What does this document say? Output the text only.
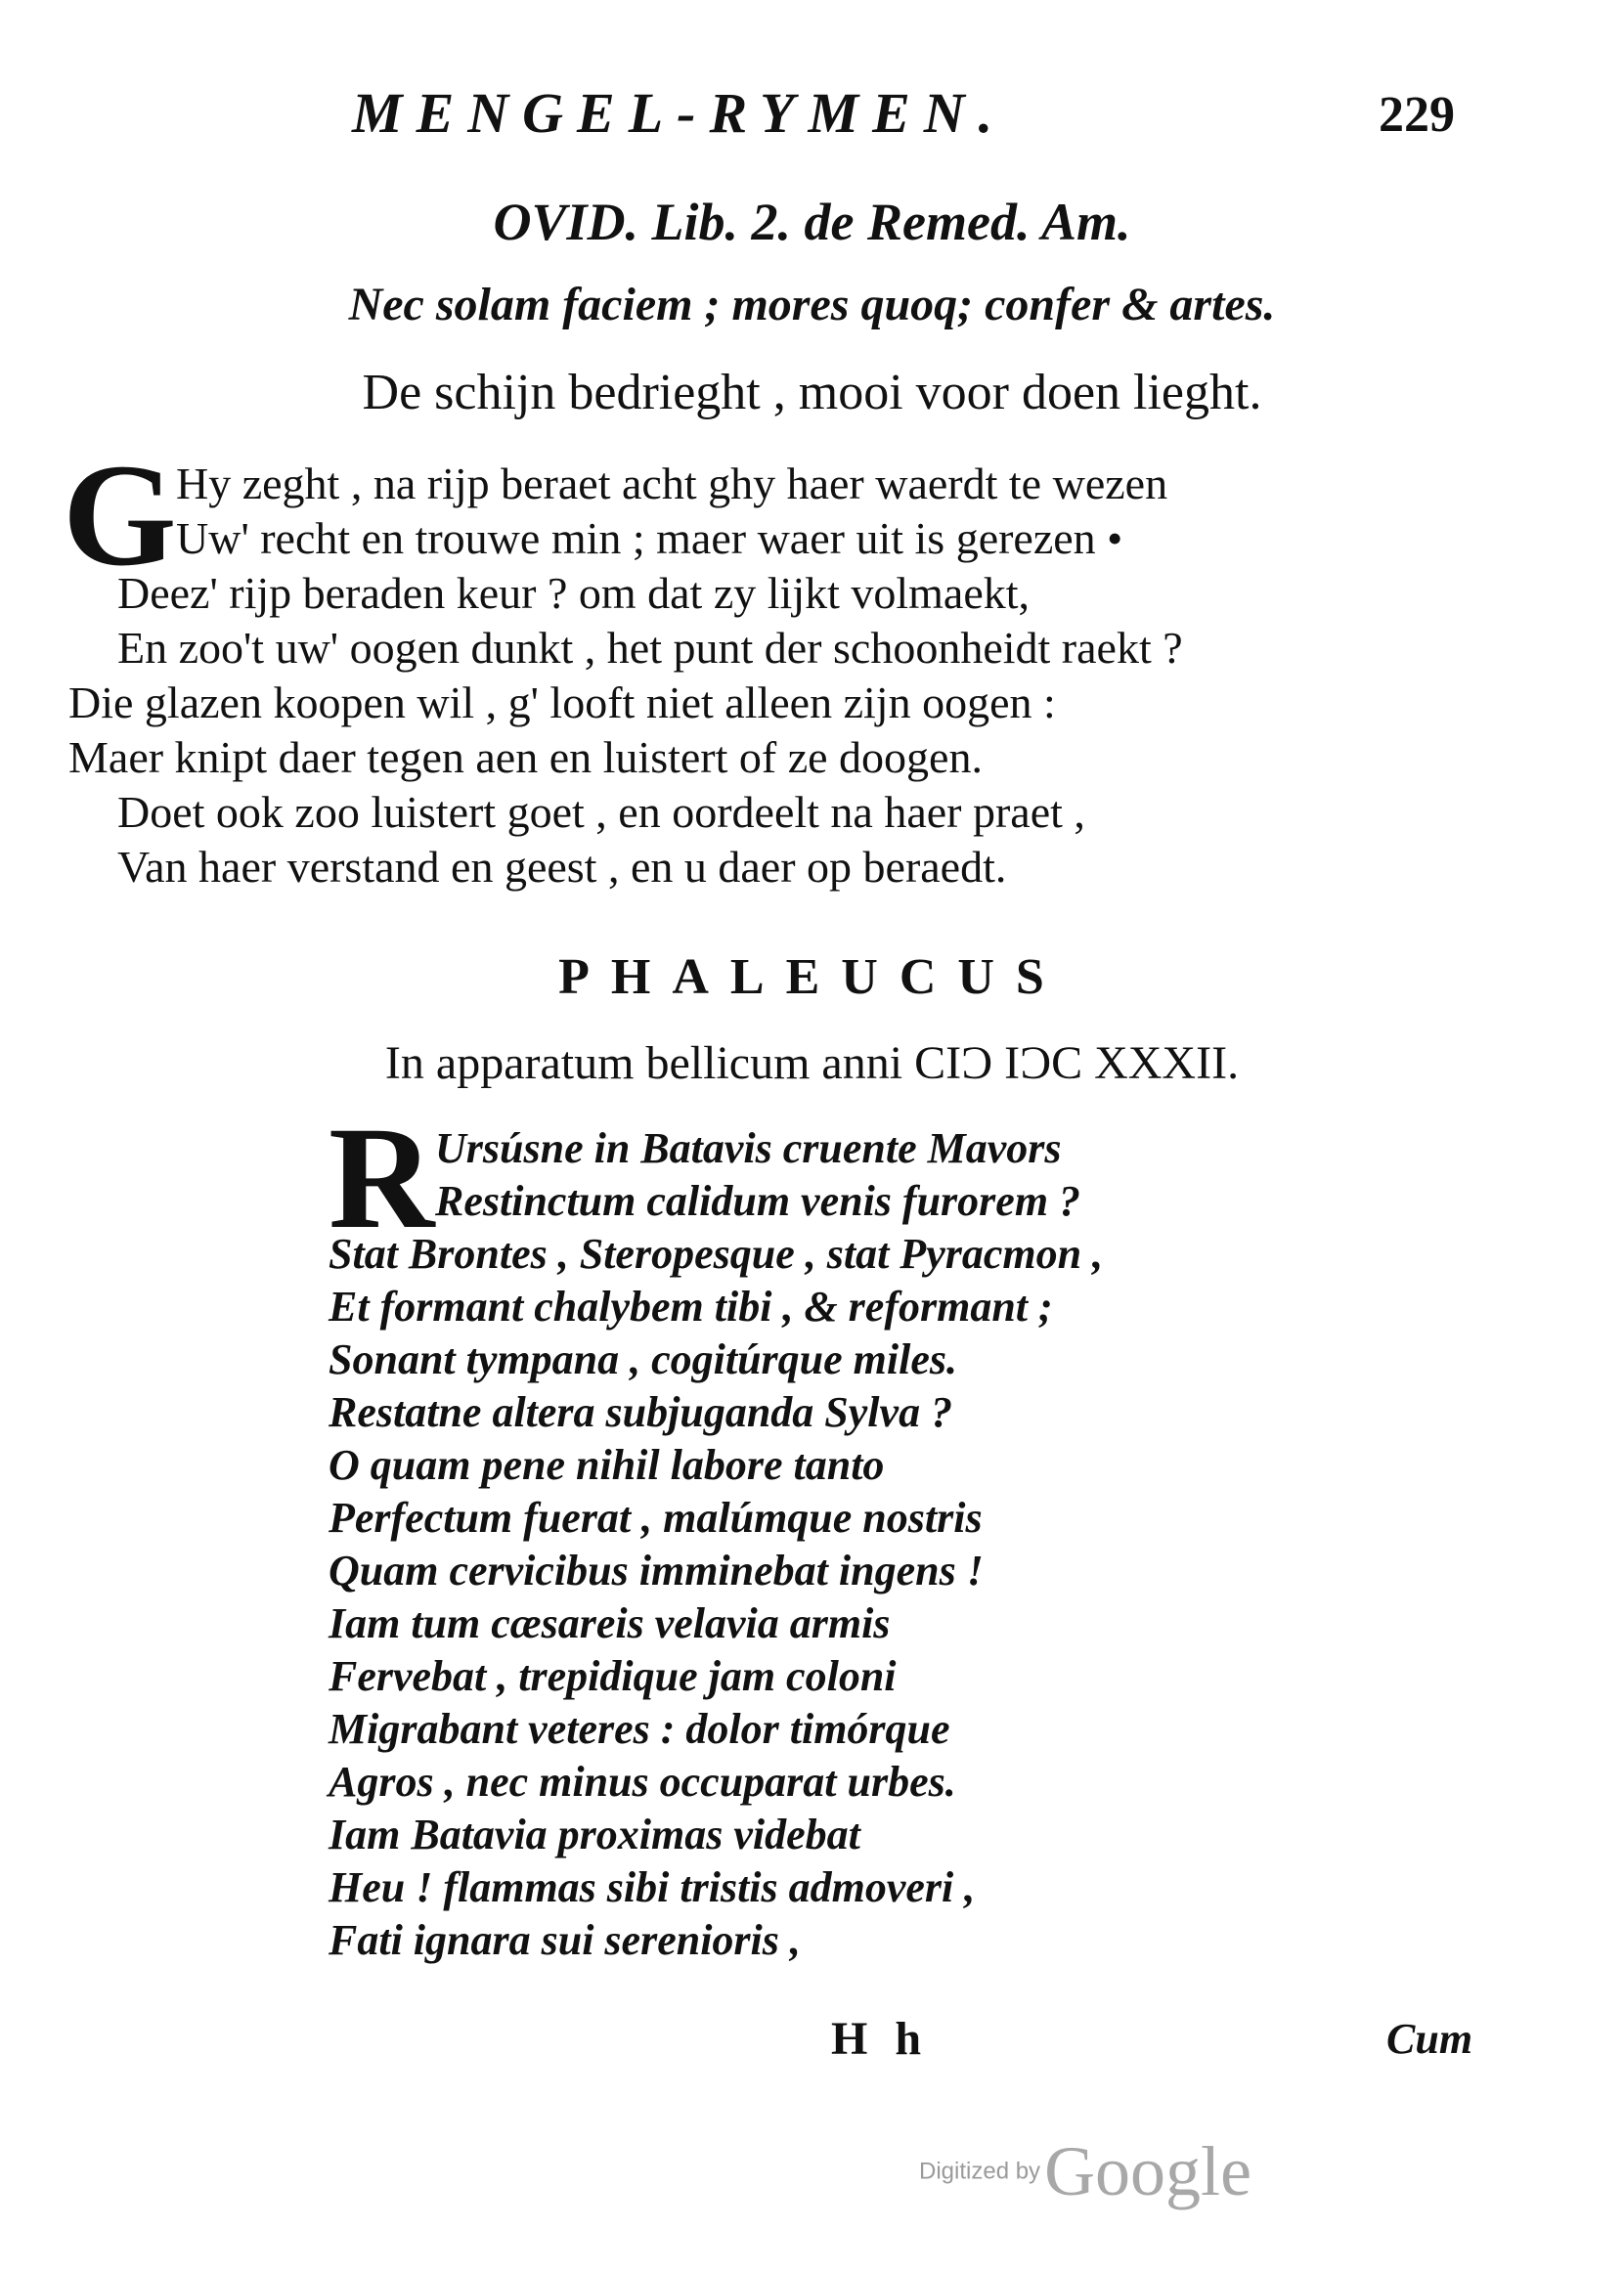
MENGEL-RYMEN.	229
OVID. Lib. 2. de Remed. Am.
Nec solam faciem ; mores quoq; confer & artes.
De schijn bedrieght , mooi voor doen lieght.
G Hy zeght , na rijp beraet acht ghy haer waerdt te wezen
Uw' recht en trouwe min ; maer waer uit is gerezen •
Deez' rijp beraden keur ? om dat zy lijkt volmaekt,
En zoo't uw' oogen dunkt , het punt der schoonheidt raekt ?
Die glazen koopen wil , g' looft niet alleen zijn oogen :
Maer knipt daer tegen aen en luistert of ze doogen.
Doet ook zoo luistert goet , en oordeelt na haer praet ,
Van haer verstand en geest , en u daer op beraedt.
PHALEUCUS
In apparatum bellicum anni CIƆ IƆC XXXII.
R Ursúsne in Batavis cruente Mavors
Restinctum calidum venis furorem ?
Stat Brontes , Steropesque , stat Pyracmon ,
Et formant chalybem tibi , & reformant ;
Sonant tympana , cogitúrque miles.
Restatne altera subjuganda Sylva ?
O quam pene nihil labore tanto
Perfectum fuerat , malúmque nostris
Quam cervicibus imminebat ingens !
Iam tum cæsareis velavia armis
Fervebat , trepidique jam coloni
Migrabant veteres : dolor timórque
Agros , nec minus occuparat urbes.
Iam Batavia proximas videbat
Heu ! flammas sibi tristis admoveri ,
Fati ignara sui serenioris ,
H h	Cum
Digitized by Google
